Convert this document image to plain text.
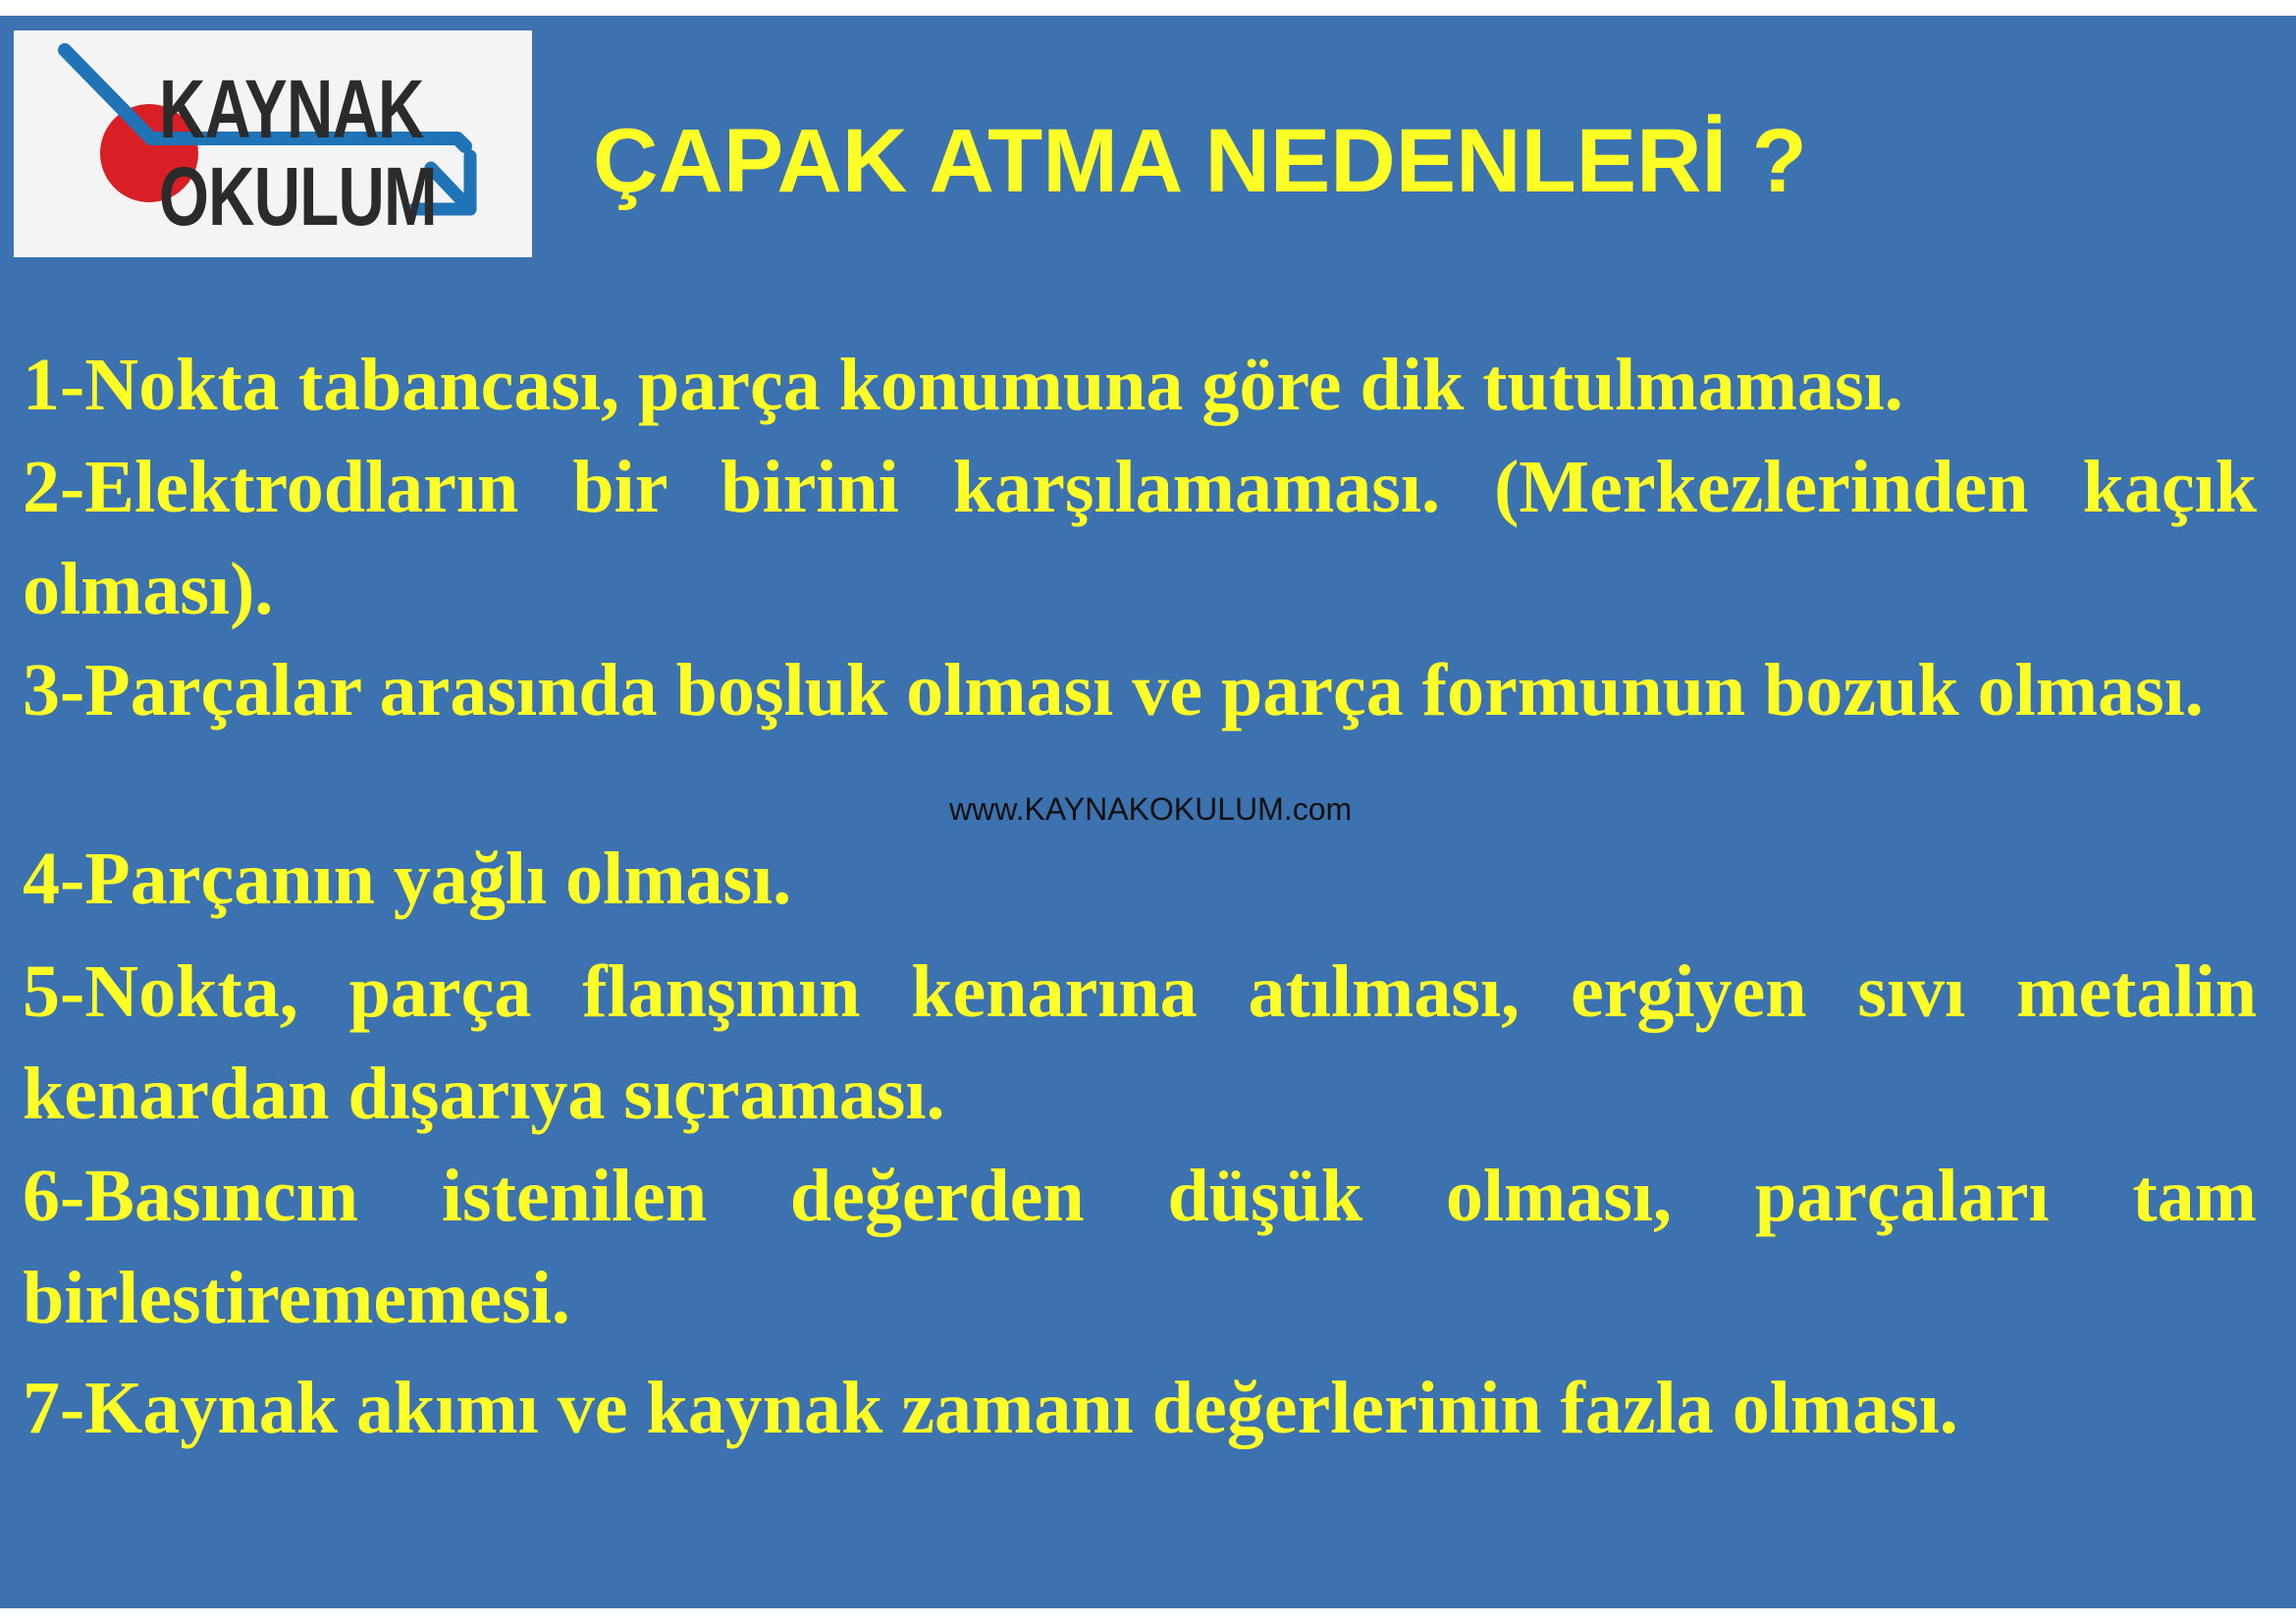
KAYNAK
OKULUM ÇAPAK ATMA NEDENLERİ ?

1-Nokta tabancası, parça konumuna göre dik tutulmaması.

2-Elektrodların bir birini karşılamaması. (Merkezlerinden kaçık olması).

3-Parçalar arasında boşluk olması ve parça formunun bozuk olması.

4-Parçanın yağlı olması.

5-Nokta, parça flanşının kenarına atılması, ergiyen sıvı metalin kenardan dışarıya sıçraması.

6-Basıncın istenilen değerden düşük olması, parçaları tam birlestirememesi.

7-Kaynak akımı ve kaynak zamanı değerlerinin fazla olması.

www.KAYNAKOKULUM.com
